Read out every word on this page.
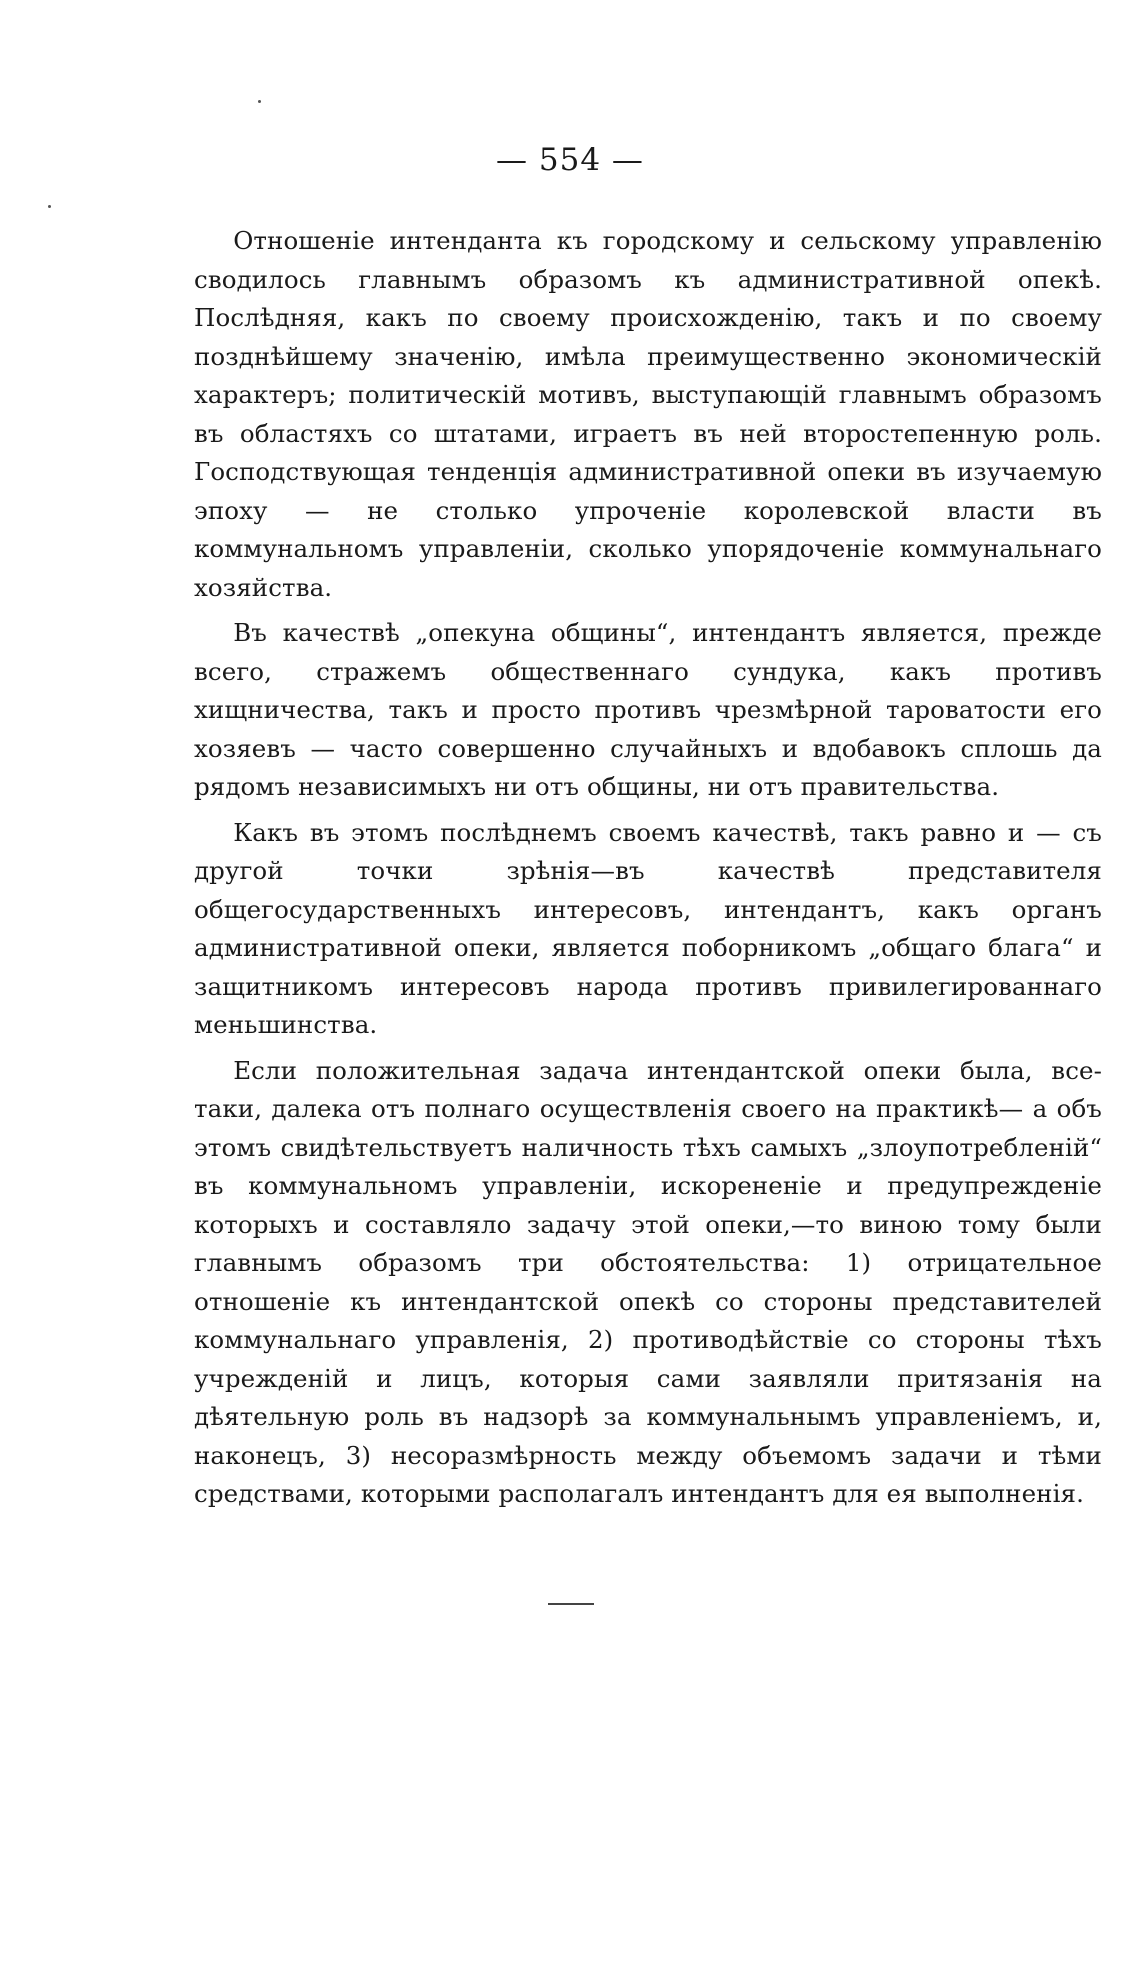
— 554 —

Отношеніе интенданта къ городскому и сельскому управленію сводилось главнымъ образомъ къ административной опекѣ. Послѣдняя, какъ по своему происхожденію, такъ и по своему позднѣйшему значенію, имѣла преимущественно экономическій характеръ; политическій мотивъ, выступающій главнымъ образомъ въ областяхъ со штатами, играетъ въ ней второстепенную роль. Господствующая тенденція административной опеки въ изучаемую эпоху — не столько упроченіе королевской власти въ коммунальномъ управленіи, сколько упорядоченіе коммунальнаго хозяйства.

Въ качествѣ „опекуна общины“, интендантъ является, прежде всего, стражемъ общественнаго сундука, какъ противъ хищничества, такъ и просто противъ чрезмѣрной тароватости его хозяевъ — часто совершенно случайныхъ и вдобавокъ сплошь да рядомъ независимыхъ ни отъ общины, ни отъ правительства.

Какъ въ этомъ послѣднемъ своемъ качествѣ, такъ равно и — съ другой точки зрѣнія—въ качествѣ представителя общегосударственныхъ интересовъ, интендантъ, какъ органъ административной опеки, является поборникомъ „общаго блага“ и защитникомъ интересовъ народа противъ привилегированнаго меньшинства.

Если положительная задача интендантской опеки была, все-таки, далека отъ полнаго осуществленія своего на практикѣ— а объ этомъ свидѣтельствуетъ наличность тѣхъ самыхъ „злоупотребленій“ въ коммунальномъ управленіи, искорененіе и предупрежденіе которыхъ и составляло задачу этой опеки,—то виною тому были главнымъ образомъ три обстоятельства: 1) отрицательное отношеніе къ интендантской опекѣ со стороны представителей коммунальнаго управленія, 2) противодѣйствіе со стороны тѣхъ учрежденій и лицъ, которыя сами заявляли притязанія на дѣятельную роль въ надзорѣ за коммунальнымъ управленіемъ, и, наконецъ, 3) несоразмѣрность между объемомъ задачи и тѣми средствами, которыми располагалъ интендантъ для ея выполненія.
